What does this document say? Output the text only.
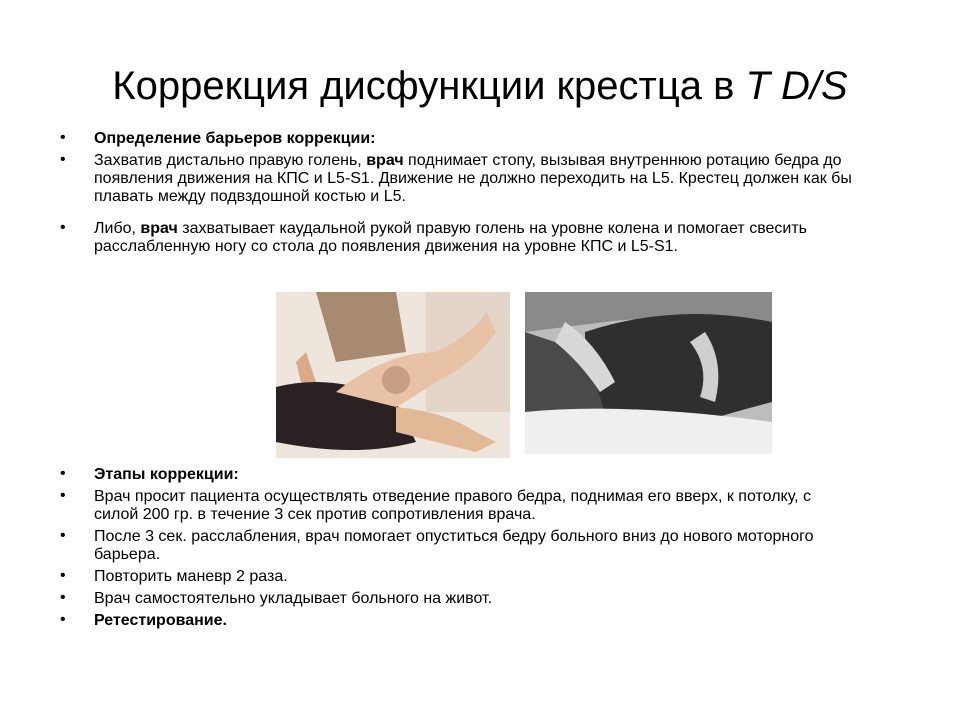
Коррекция дисфункции крестца в T D/S
• Определение барьеров коррекции:
• Захватив дистально правую голень, врач поднимает стопу, вызывая внутреннюю ротацию бедра до появления движения на КПС и L5-S1. Движение не должно переходить на L5. Крестец должен как бы плавать между подвздошной костью и L5.
• Либо, врач захватывает каудальной рукой правую голень на уровне колена и помогает свесить расслабленную ногу со стола до появления движения на уровне КПС и L5-S1.
• Этапы коррекции:
• Врач просит пациента осуществлять отведение правого бедра, поднимая его вверх, к потолку, с силой 200 гр. в течение 3 сек против сопротивления врача.
• После 3 сек. расслабления, врач помогает опуститься бедру больного вниз до нового моторного барьера.
• Повторить маневр 2 раза.
• Врач самостоятельно укладывает больного на живот.
• Ретестирование.
